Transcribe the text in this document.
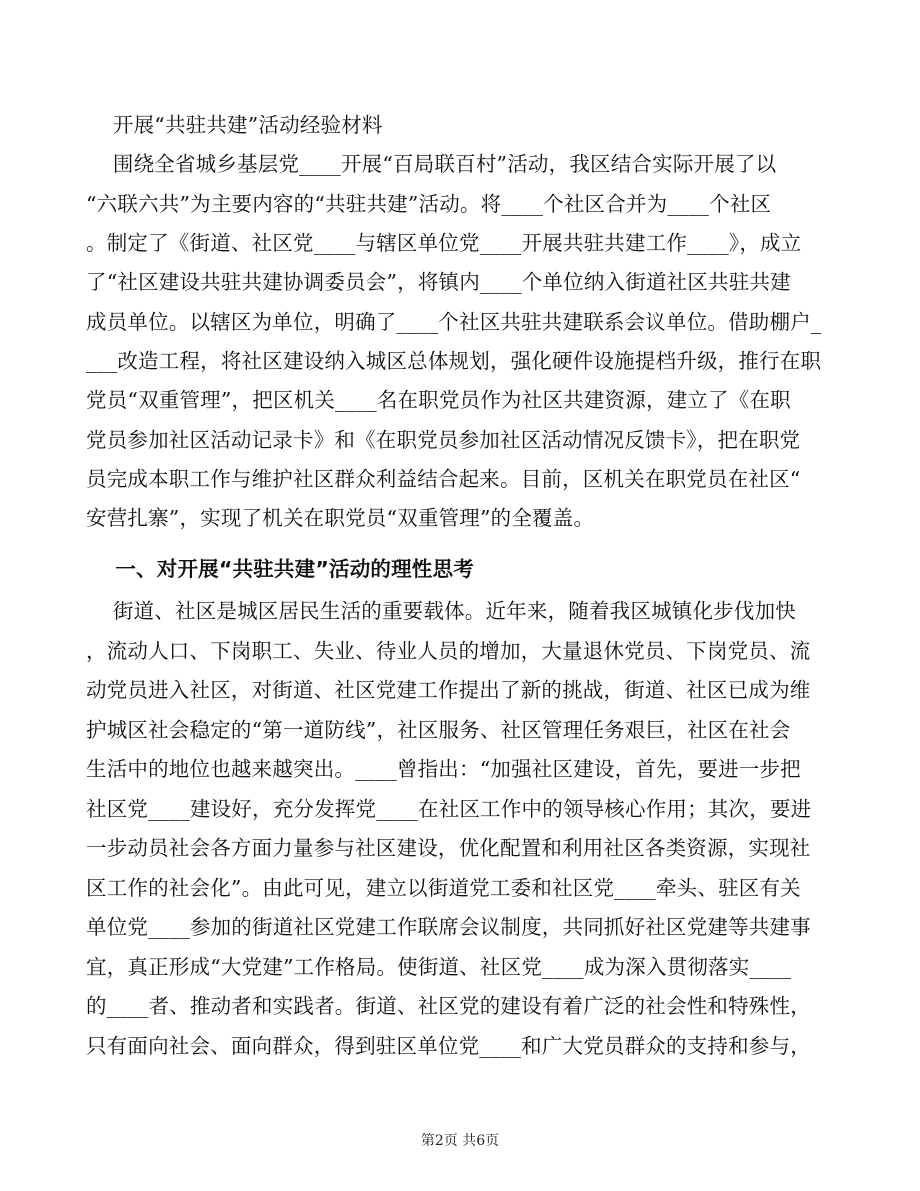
开展“共驻共建”活动经验材料
围绕全省城乡基层党____开展“百局联百村”活动，我区结合实际开展了以
“六联六共”为主要内容的“共驻共建”活动。将____个社区合并为____个社区
。制定了《街道、社区党____与辖区单位党____开展共驻共建工作____》，成立
了“社区建设共驻共建协调委员会”，将镇内____个单位纳入街道社区共驻共建
成员单位。以辖区为单位，明确了____个社区共驻共建联系会议单位。借助棚户_
___改造工程，将社区建设纳入城区总体规划，强化硬件设施提档升级，推行在职
党员“双重管理”，把区机关____名在职党员作为社区共建资源，建立了《在职
党员参加社区活动记录卡》和《在职党员参加社区活动情况反馈卡》，把在职党
员完成本职工作与维护社区群众利益结合起来。目前，区机关在职党员在社区“
安营扎寨”，实现了机关在职党员“双重管理”的全覆盖。
一、对开展“共驻共建”活动的理性思考
街道、社区是城区居民生活的重要载体。近年来，随着我区城镇化步伐加快
，流动人口、下岗职工、失业、待业人员的增加，大量退休党员、下岗党员、流
动党员进入社区，对街道、社区党建工作提出了新的挑战，街道、社区已成为维
护城区社会稳定的“第一道防线”，社区服务、社区管理任务艰巨，社区在社会
生活中的地位也越来越突出。____曾指出：“加强社区建设，首先，要进一步把
社区党____建设好，充分发挥党____在社区工作中的领导核心作用；其次，要进
一步动员社会各方面力量参与社区建设，优化配置和利用社区各类资源，实现社
区工作的社会化”。由此可见，建立以街道党工委和社区党____牵头、驻区有关
单位党____参加的街道社区党建工作联席会议制度，共同抓好社区党建等共建事
宜，真正形成“大党建”工作格局。使街道、社区党____成为深入贯彻落实____
的____者、推动者和实践者。街道、社区党的建设有着广泛的社会性和特殊性，
只有面向社会、面向群众，得到驻区单位党____和广大党员群众的支持和参与，
第2页 共6页
